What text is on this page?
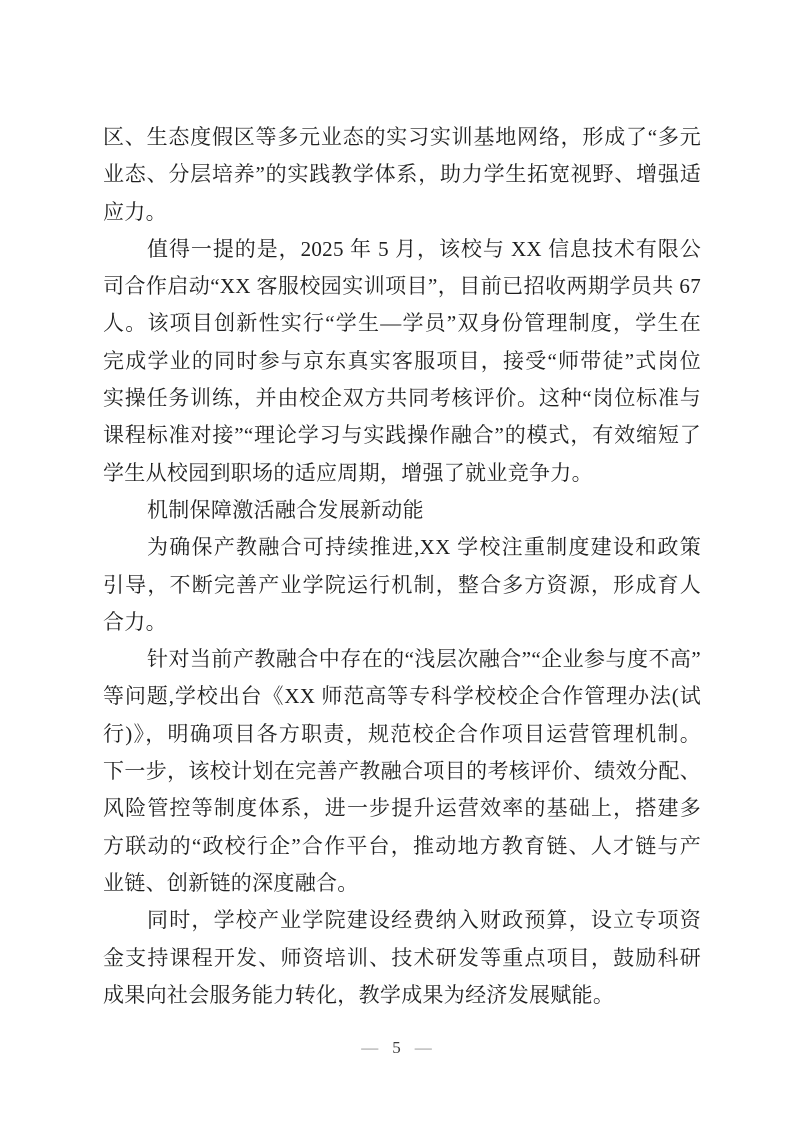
区、生态度假区等多元业态的实习实训基地网络，形成了“多元
业态、分层培养”的实践教学体系，助力学生拓宽视野、增强适
应力。
值得一提的是，2025 年 5 月，该校与 XX 信息技术有限公
司合作启动“XX 客服校园实训项目”，目前已招收两期学员共 67
人。该项目创新性实行“学生—学员”双身份管理制度，学生在
完成学业的同时参与京东真实客服项目，接受“师带徒”式岗位
实操任务训练，并由校企双方共同考核评价。这种“岗位标准与
课程标准对接”“理论学习与实践操作融合”的模式，有效缩短了
学生从校园到职场的适应周期，增强了就业竞争力。
机制保障激活融合发展新动能
为确保产教融合可持续推进,XX 学校注重制度建设和政策
引导，不断完善产业学院运行机制，整合多方资源，形成育人
合力。
针对当前产教融合中存在的“浅层次融合”“企业参与度不高”
等问题,学校出台《XX 师范高等专科学校校企合作管理办法(试
行)》，明确项目各方职责，规范校企合作项目运营管理机制。
下一步，该校计划在完善产教融合项目的考核评价、绩效分配、
风险管控等制度体系，进一步提升运营效率的基础上，搭建多
方联动的“政校行企”合作平台，推动地方教育链、人才链与产
业链、创新链的深度融合。
同时，学校产业学院建设经费纳入财政预算，设立专项资
金支持课程开发、师资培训、技术研发等重点项目，鼓励科研
成果向社会服务能力转化，教学成果为经济发展赋能。
— 5 —
